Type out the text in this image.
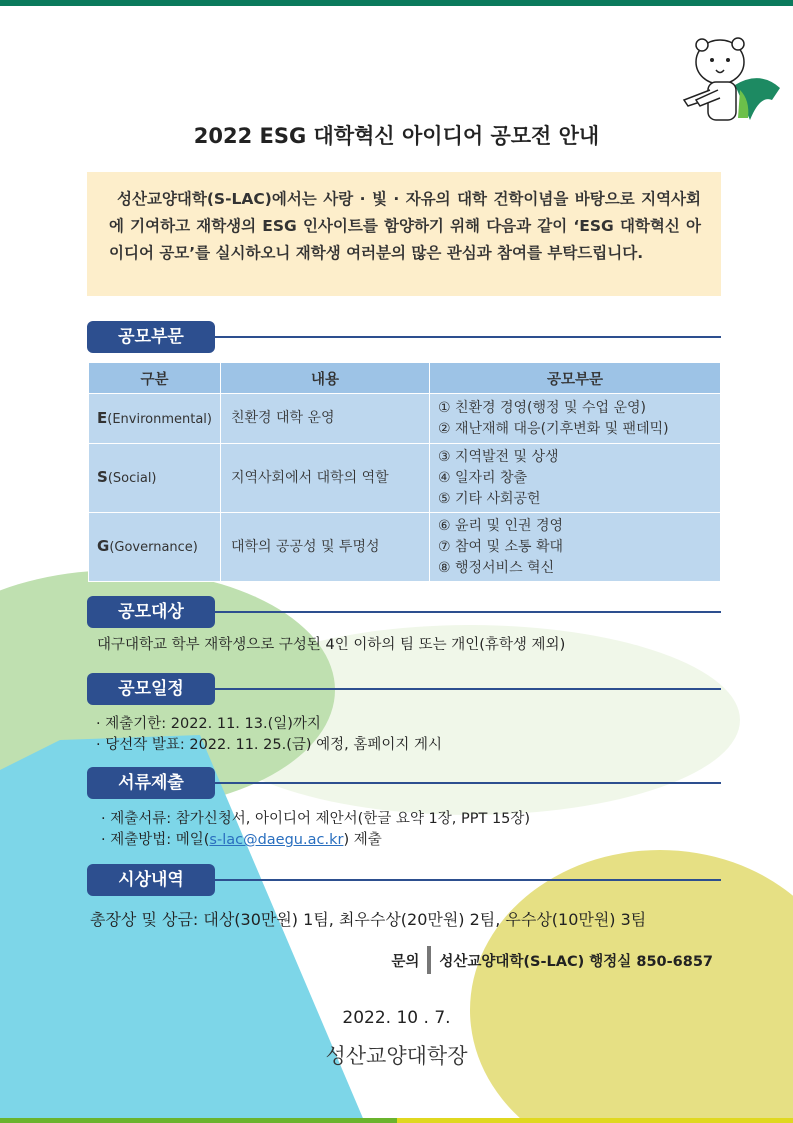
2022 ESG 대학혁신 아이디어 공모전 안내

성산교양대학(S-LAC)에서는 사랑 · 빛 · 자유의 대학 건학이념을 바탕으로 지역사회에 기여하고 재학생의 ESG 인사이트를 함양하기 위해 다음과 같이 ‘ESG 대학혁신 아이디어 공모’를 실시하오니 재학생 여러분의 많은 관심과 참여를 부탁드립니다.

공모부문
구분	내용	공모부문
E(Environmental)	친환경 대학 운영	① 친환경 경영(행정 및 수업 운영)
② 재난재해 대응(기후변화 및 팬데믹)

S(Social)	지역사회에서 대학의 역할	③ 지역발전 및 상생
④ 일자리 창출
⑤ 기타 사회공헌

G(Governance)	대학의 공공성 및 투명성	⑥ 윤리 및 인권 경영
⑦ 참여 및 소통 확대
⑧ 행정서비스 혁신
공모대상
대구대학교 학부 재학생으로 구성된 4인 이하의 팀 또는 개인(휴학생 제외)
공모일정
· 제출기한: 2022. 11. 13.(일)까지
· 당선작 발표: 2022. 11. 25.(금) 예정, 홈페이지 게시
서류제출
· 제출서류: 참가신청서, 아이디어 제안서(한글 요약 1장, PPT 15장)
· 제출방법: 메일(s-lac@daegu.ac.kr) 제출
시상내역
총장상 및 상금: 대상(30만원) 1팀, 최우수상(20만원) 2팀, 우수상(10만원) 3팀
문의 성산교양대학(S-LAC) 행정실 850-6857
2022. 10 . 7.
성산교양대학장
